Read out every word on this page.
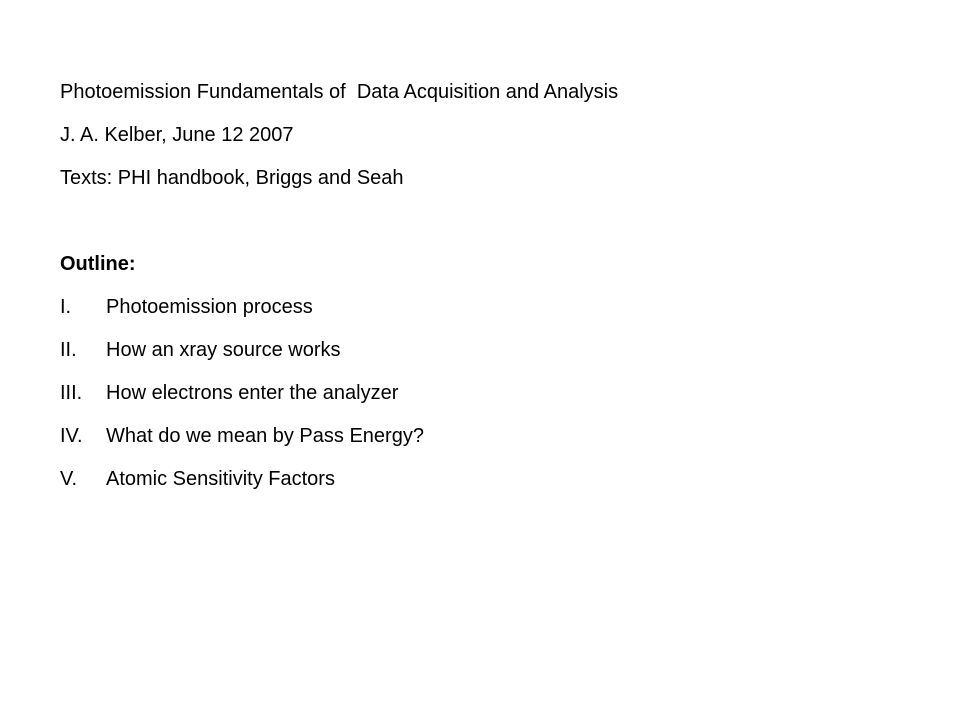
Photoemission Fundamentals of  Data Acquisition and Analysis
J. A. Kelber, June 12 2007
Texts: PHI handbook, Briggs and Seah
Outline:
I. Photoemission process
II. How an xray source works
III. How electrons enter the analyzer
IV. What do we mean by Pass Energy?
V. Atomic Sensitivity Factors
